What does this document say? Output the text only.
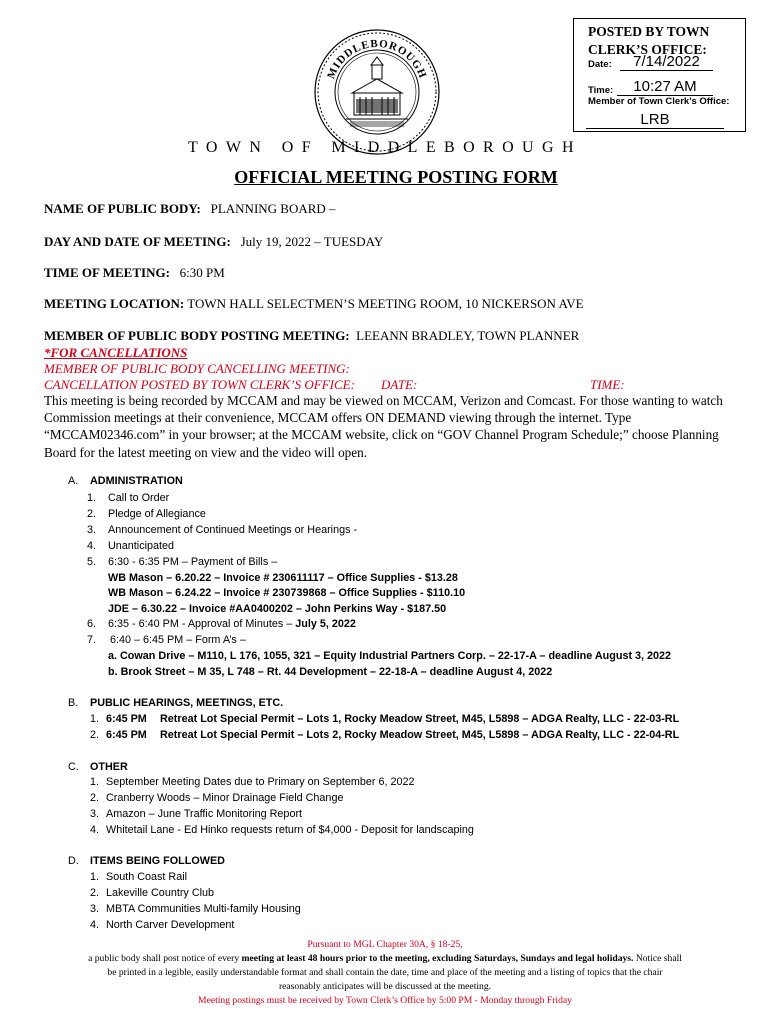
MIDDLEBOROUGH
POSTED BY TOWN CLERK’S OFFICE:
Date:	7/14/2022
Time:	10:27 AM
Member of Town Clerk’s Office:
LRB
TOWN OF MIDDLEBOROUGH
OFFICIAL MEETING POSTING FORM
NAME OF PUBLIC BODY: PLANNING BOARD –
DAY AND DATE OF MEETING: July 19, 2022 – TUESDAY
TIME OF MEETING: 6:30 PM
MEETING LOCATION: TOWN HALL SELECTMEN’S MEETING ROOM, 10 NICKERSON AVE
MEMBER OF PUBLIC BODY POSTING MEETING: LEEANN BRADLEY, TOWN PLANNER
*FOR CANCELLATIONS
MEMBER OF PUBLIC BODY CANCELLING MEETING:
CANCELLATION POSTED BY TOWN CLERK’S OFFICE: DATE:	TIME:
This meeting is being recorded by MCCAM and may be viewed on MCCAM, Verizon and Comcast. For those wanting to watch Commission meetings at their convenience, MCCAM offers ON DEMAND viewing through the internet. Type “MCCAM02346.com” in your browser; at the MCCAM website, click on “GOV Channel Program Schedule;” choose Planning Board for the latest meeting on view and the video will open.
A. ADMINISTRATION
1. Call to Order
2. Pledge of Allegiance
3. Announcement of Continued Meetings or Hearings -
4. Unanticipated
5. 6:30 - 6:35 PM – Payment of Bills –
WB Mason – 6.20.22 – Invoice # 230611117 – Office Supplies - $13.28
WB Mason – 6.24.22 – Invoice # 230739868 – Office Supplies - $110.10
JDE – 6.30.22 – Invoice #AA0400202 – John Perkins Way - $187.50
6. 6:35 - 6:40 PM - Approval of Minutes – July 5, 2022
7. 6:40 – 6:45 PM – Form A’s –
a. Cowan Drive – M110, L 176, 1055, 321 – Equity Industrial Partners Corp. – 22-17-A – deadline August 3, 2022
b. Brook Street – M 35, L 748 – Rt. 44 Development – 22-18-A – deadline August 4, 2022
B. PUBLIC HEARINGS, MEETINGS, ETC.
1. 6:45 PM Retreat Lot Special Permit – Lots 1, Rocky Meadow Street, M45, L5898 – ADGA Realty, LLC - 22-03-RL
2. 6:45 PM Retreat Lot Special Permit – Lots 2, Rocky Meadow Street, M45, L5898 – ADGA Realty, LLC - 22-04-RL
C. OTHER
1. September Meeting Dates due to Primary on September 6, 2022
2. Cranberry Woods – Minor Drainage Field Change
3. Amazon – June Traffic Monitoring Report
4. Whitetail Lane - Ed Hinko requests return of $4,000 - Deposit for landscaping
D. ITEMS BEING FOLLOWED
1. South Coast Rail
2. Lakeville Country Club
3. MBTA Communities Multi-family Housing
4. North Carver Development
Pursuant to MGL Chapter 30A, § 18-25,
a public body shall post notice of every meeting at least 48 hours prior to the meeting, excluding Saturdays, Sundays and legal holidays. Notice shall
be printed in a legible, easily understandable format and shall contain the date, time and place of the meeting and a listing of topics that the chair
reasonably anticipates will be discussed at the meeting.
Meeting postings must be received by Town Clerk’s Office by 5:00 PM - Monday through Friday
